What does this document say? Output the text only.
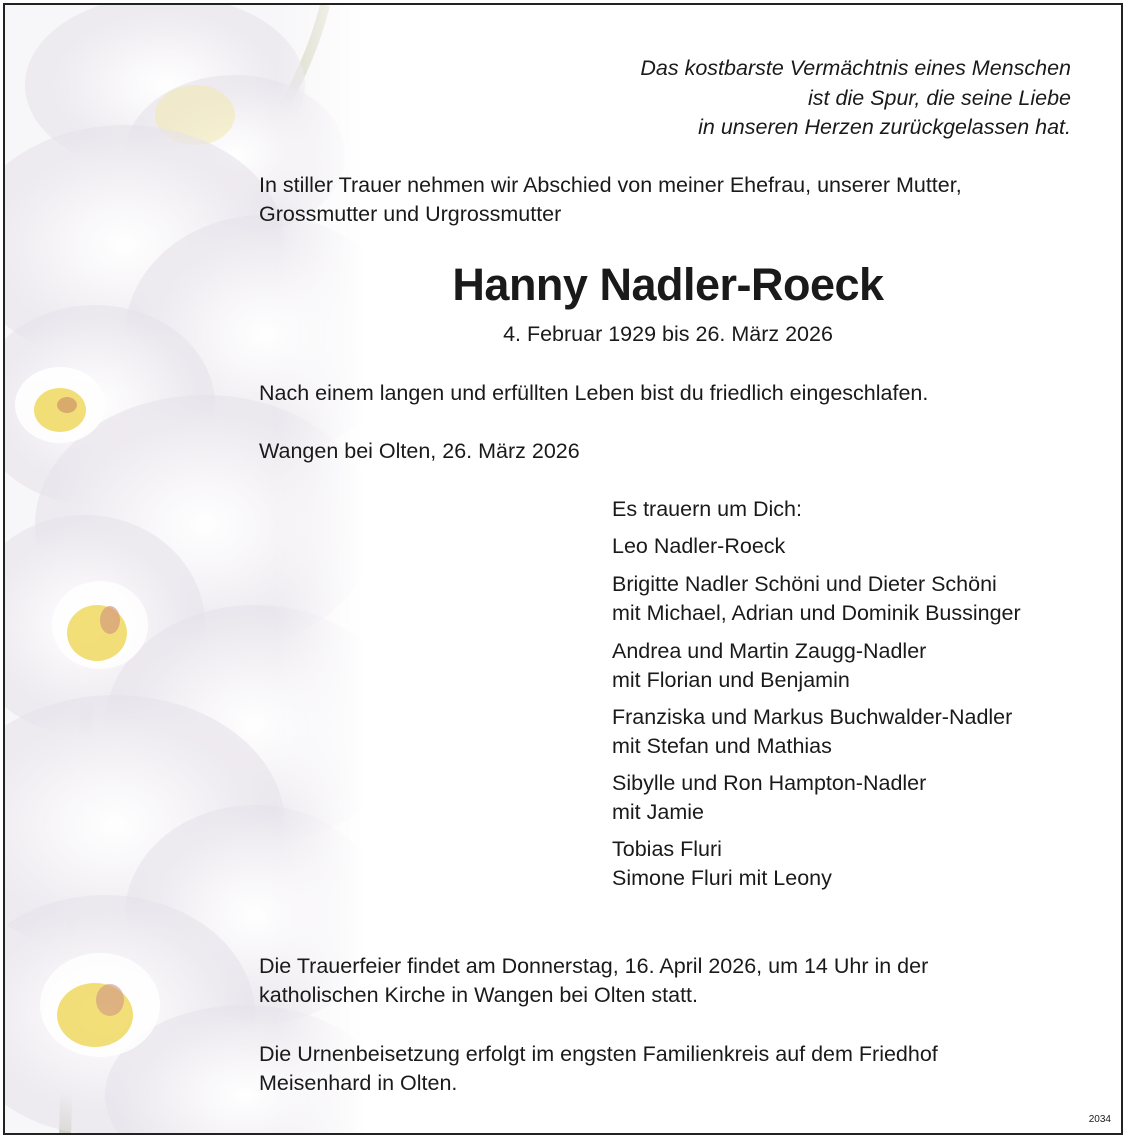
Das kostbarste Vermächtnis eines Menschen
ist die Spur, die seine Liebe
in unseren Herzen zurückgelassen hat.
In stiller Trauer nehmen wir Abschied von meiner Ehefrau, unserer Mutter,
Grossmutter und Urgrossmutter
Hanny Nadler-Roeck
4. Februar 1929 bis 26. März 2026
Nach einem langen und erfüllten Leben bist du friedlich eingeschlafen.
Wangen bei Olten, 26. März 2026
Es trauern um Dich:
Leo Nadler-Roeck
Brigitte Nadler Schöni und Dieter Schöni
mit Michael, Adrian und Dominik Bussinger
Andrea und Martin Zaugg-Nadler
mit Florian und Benjamin
Franziska und Markus Buchwalder-Nadler
mit Stefan und Mathias
Sibylle und Ron Hampton-Nadler
mit Jamie
Tobias Fluri
Simone Fluri mit Leony
Die Trauerfeier findet am Donnerstag, 16. April 2026, um 14 Uhr in der
katholischen Kirche in Wangen bei Olten statt.
Die Urnenbeisetzung erfolgt im engsten Familienkreis auf dem Friedhof
Meisenhard in Olten.
2034
